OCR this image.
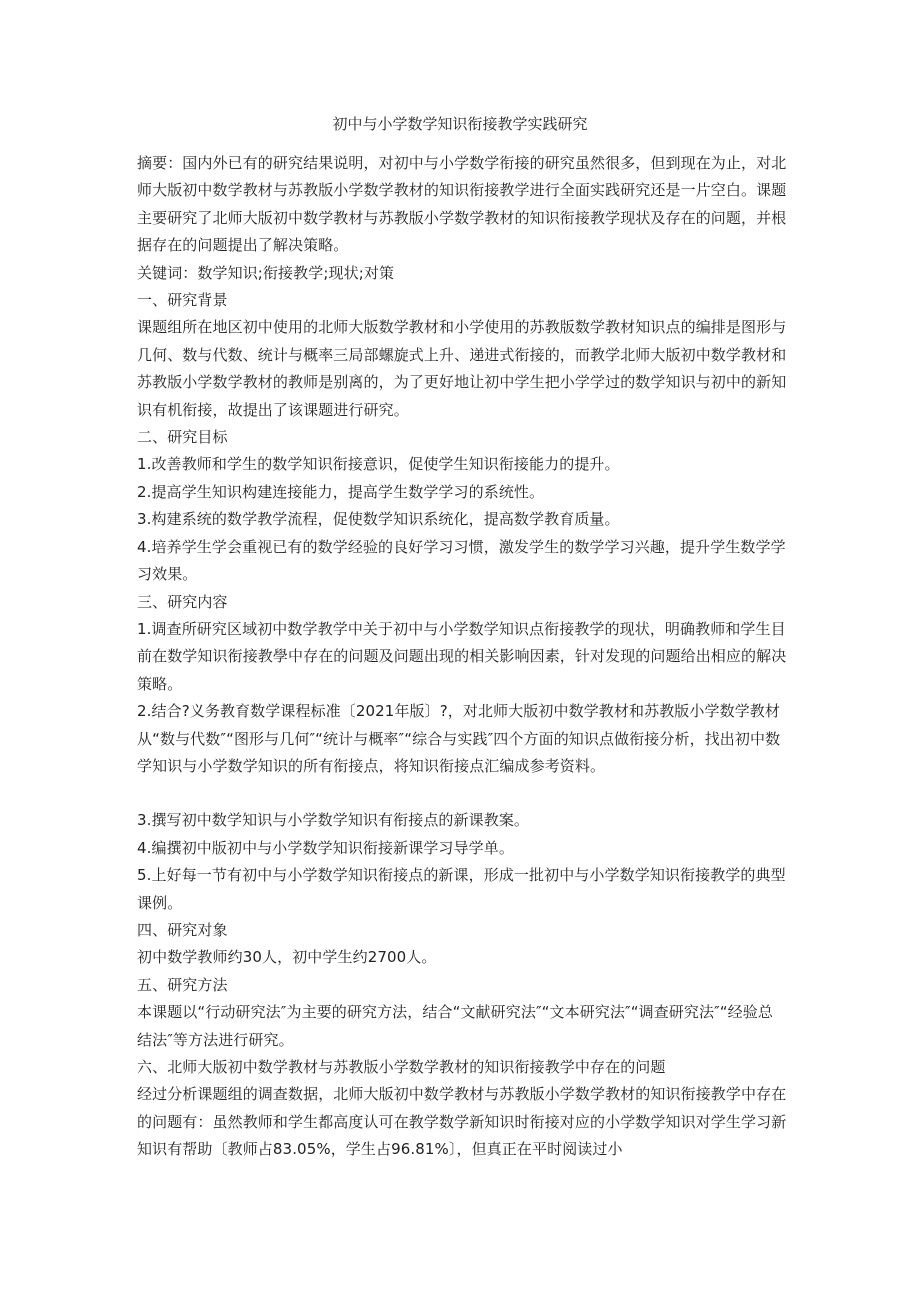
初中与小学数学知识衔接教学实践研究

摘要：国内外已有的研究结果说明，对初中与小学数学衔接的研究虽然很多，但到现在为止，对北师大版初中数学教材与苏教版小学数学教材的知识衔接教学进行全面实践研究还是一片空白。课题主要研究了北师大版初中数学教材与苏教版小学数学教材的知识衔接教学现状及存在的问题，并根据存在的问题提出了解决策略。

关键词：数学知识;衔接教学;现状;对策

一、研究背景

课题组所在地区初中使用的北师大版数学教材和小学使用的苏教版数学教材知识点的编排是图形与几何、数与代数、统计与概率三局部螺旋式上升、递进式衔接的，而教学北师大版初中数学教材和苏教版小学数学教材的教师是别离的，为了更好地让初中学生把小学学过的数学知识与初中的新知识有机衔接，故提出了该课题进行研究。

二、研究目标

1.改善教师和学生的数学知识衔接意识，促使学生知识衔接能力的提升。

2.提高学生知识构建连接能力，提高学生数学学习的系统性。

3.构建系统的数学教学流程，促使数学知识系统化，提高数学教育质量。

4.培养学生学会重视已有的数学经验的良好学习习惯，激发学生的数学学习兴趣，提升学生数学学习效果。

三、研究内容

1.调查所研究区域初中数学教学中关于初中与小学数学知识点衔接教学的现状，明确教师和学生目前在数学知识衔接教學中存在的问题及问题出现的相关影响因素，针对发现的问题给出相应的解决策略。

2.结合?义务教育数学课程标准〔2021年版〕?，对北师大版初中数学教材和苏教版小学数学教材从“数与代数″“图形与几何″“统计与概率″“综合与实践″四个方面的知识点做衔接分析，找出初中数学知识与小学数学知识的所有衔接点，将知识衔接点汇编成参考资料。

3.撰写初中数学知识与小学数学知识有衔接点的新课教案。

4.编撰初中版初中与小学数学知识衔接新课学习导学单。

5.上好每一节有初中与小学数学知识衔接点的新课，形成一批初中与小学数学知识衔接教学的典型课例。

四、研究对象

初中数学教师约30人，初中学生约2700人。

五、研究方法

本课题以“行动研究法″为主要的研究方法，结合“文献研究法″“文本研究法″“调查研究法″“经验总结法″等方法进行研究。

六、北师大版初中数学教材与苏教版小学数学教材的知识衔接教学中存在的问题

经过分析课题组的调查数据，北师大版初中数学教材与苏教版小学数学教材的知识衔接教学中存在的问题有：虽然教师和学生都高度认可在教学数学新知识时衔接对应的小学数学知识对学生学习新知识有帮助〔教师占83.05%，学生占96.81%〕，但真正在平时阅读过小
